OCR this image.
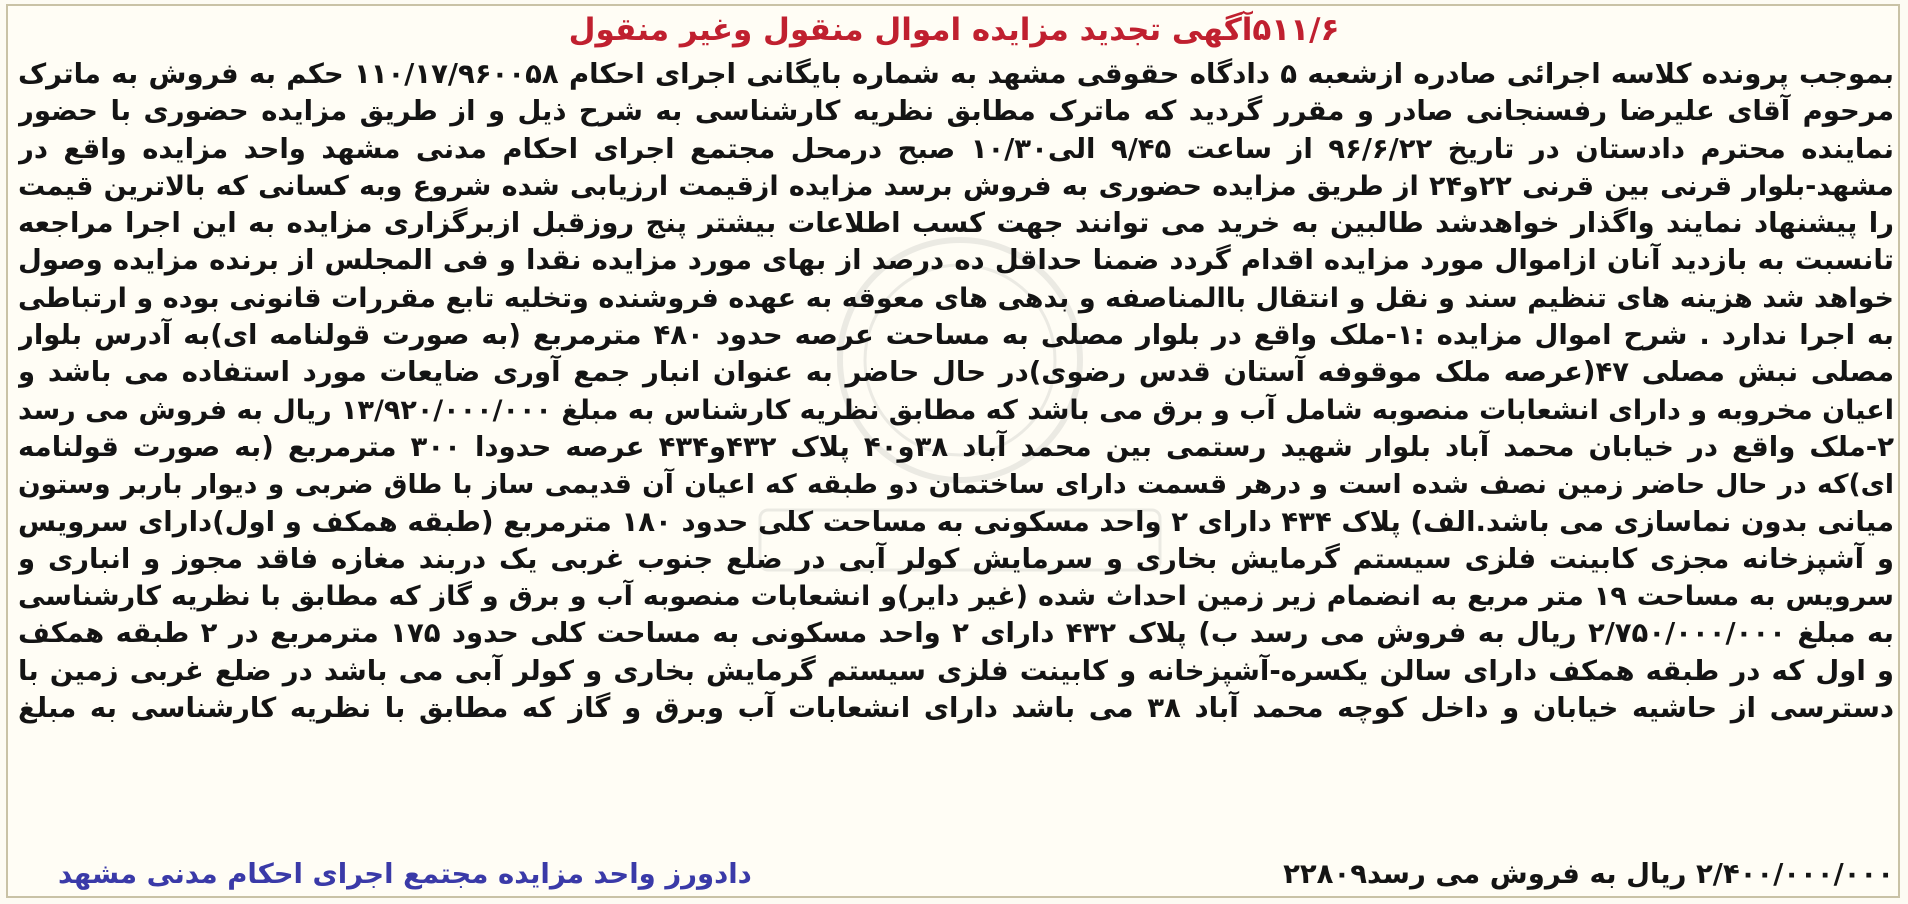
۵۱۱/۶آگهی تجدید مزایده اموال منقول وغیر منقول
بموجب پرونده کلاسه اجرائی صادره ازشعبه ۵ دادگاه حقوقی مشهد به شماره بایگانی اجرای احکام ۱۱۰/۱۷/۹۶۰۰۵۸ حکم به فروش به ماترک
مرحوم آقای علیرضا رفسنجانی صادر و مقرر گردید که ماترک مطابق نظریه کارشناسی به شرح ذیل و از طریق مزایده حضوری با حضور
نماینده محترم دادستان در تاریخ ۹۶/۶/۲۲ از ساعت ۹/۴۵ الی۱۰/۳۰ صبح درمحل مجتمع اجرای احکام مدنی مشهد واحد مزایده واقع در
مشهد-بلوار قرنی بین قرنی ۲۲و۲۴ از طریق مزایده حضوری به فروش برسد مزایده ازقیمت ارزیابی شده شروع وبه کسانی که بالاترین قیمت
را پیشنهاد نمایند واگذار خواهدشد طالبین به خرید می توانند جهت کسب اطلاعات بیشتر پنج روزقبل ازبرگزاری مزایده به این اجرا مراجعه
تانسبت به بازدید آنان ازاموال مورد مزایده اقدام گردد ضمنا حداقل ده درصد از بهای مورد مزایده نقدا و فی المجلس از برنده مزایده وصول
خواهد شد هزینه های تنظیم سند و نقل و انتقال باالمناصفه و بدهی های معوقه به عهده فروشنده وتخلیه تابع مقررات قانونی بوده و ارتباطی
به اجرا ندارد . شرح اموال مزایده :۱-ملک واقع در بلوار مصلی به مساحت عرصه حدود ۴۸۰ مترمربع (به صورت قولنامه ای)به آدرس بلوار
مصلی نبش مصلی ۴۷(عرصه ملک موقوفه آستان قدس رضوی)در حال حاضر به عنوان انبار جمع آوری ضایعات مورد استفاده می باشد و
اعیان مخروبه و دارای انشعابات منصوبه شامل آب و برق می باشد که مطابق نظریه کارشناس به مبلغ ۱۳/۹۲۰/۰۰۰/۰۰۰ ریال به فروش می رسد
۲-ملک واقع در خیابان محمد آباد بلوار شهید رستمی بین محمد آباد ۳۸و۴۰ پلاک ۴۳۲و۴۳۴ عرصه حدودا ۳۰۰ مترمربع (به صورت قولنامه
ای)که در حال حاضر زمین نصف شده است و درهر قسمت دارای ساختمان دو طبقه که اعیان آن قدیمی ساز با طاق ضربی و دیوار باربر وستون
میانی بدون نماسازی می باشد.الف) پلاک ۴۳۴ دارای ۲ واحد مسکونی به مساحت کلی حدود ۱۸۰ مترمربع (طبقه همکف و اول)دارای سرویس
و آشپزخانه مجزی کابینت فلزی سیستم گرمایش بخاری و سرمایش کولر آبی در ضلع جنوب غربی یک دربند مغازه فاقد مجوز و انباری و
سرویس به مساحت ۱۹ متر مربع به انضمام زیر زمین احداث شده (غیر دایر)و انشعابات منصوبه آب و برق و گاز که مطابق با نظریه کارشناسی
به مبلغ ۲/۷۵۰/۰۰۰/۰۰۰ ریال به فروش می رسد ب) پلاک ۴۳۲ دارای ۲ واحد مسکونی به مساحت کلی حدود ۱۷۵ مترمربع در ۲ طبقه همکف
و اول که در طبقه همکف دارای سالن یکسره-آشپزخانه و کابینت فلزی سیستم گرمایش بخاری و کولر آبی می باشد در ضلع غربی زمین با
دسترسی از حاشیه خیابان و داخل کوچه محمد آباد ۳۸ می باشد دارای انشعابات آب وبرق و گاز که مطابق با نظریه کارشناسی به مبلغ
۲/۴۰۰/۰۰۰/۰۰۰ ریال به فروش می رسد۲۲۸۰۹
دادورز واحد مزایده مجتمع اجرای احکام مدنی مشهد
